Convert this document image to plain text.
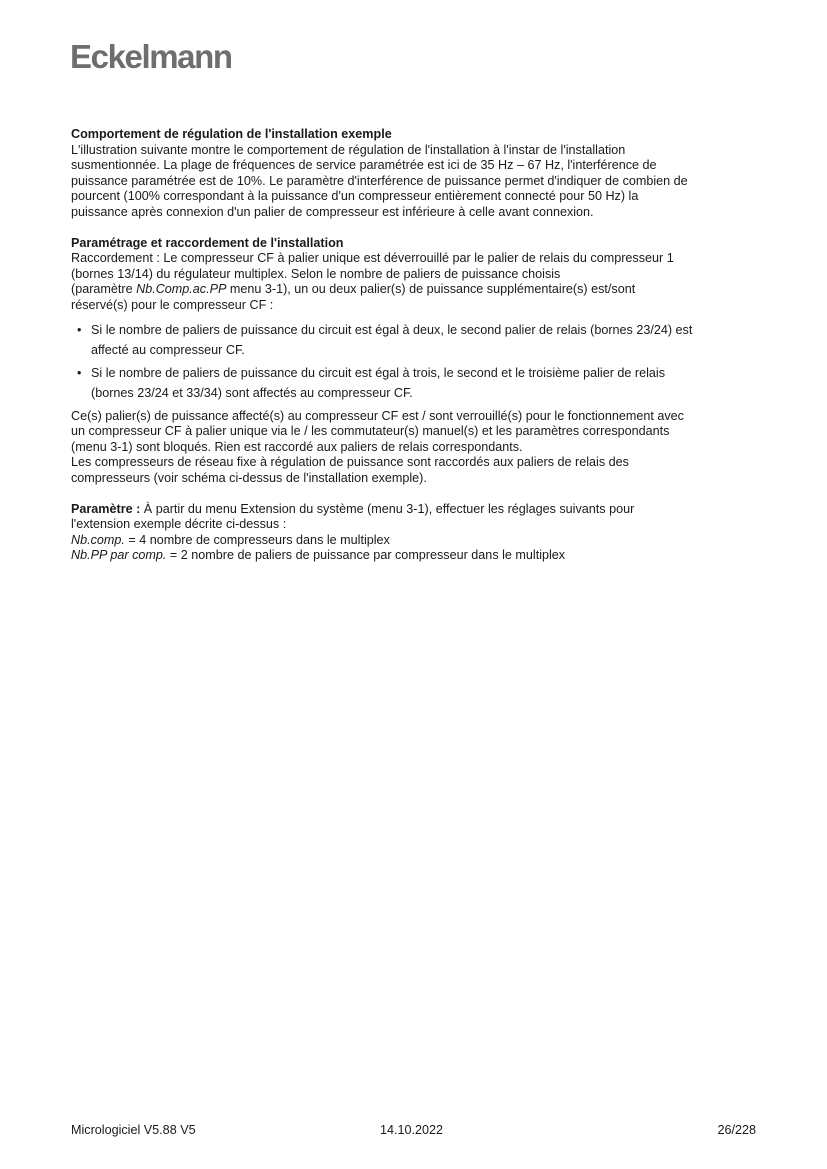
Eckelmann

Comportement de régulation de l'installation exemple

L'illustration suivante montre le comportement de régulation de l'installation à l'instar de l'installation

susmentionnée. La plage de fréquences de service paramétrée est ici de 35 Hz – 67 Hz, l'interférence de

puissance paramétrée est de 10%. Le paramètre d'interférence de puissance permet d'indiquer de combien de

pourcent (100% correspondant à la puissance d'un compresseur entièrement connecté pour 50 Hz) la

puissance après connexion d'un palier de compresseur est inférieure à celle avant connexion.

Paramétrage et raccordement de l'installation

Raccordement : Le compresseur CF à palier unique est déverrouillé par le palier de relais du compresseur 1

(bornes 13/14) du régulateur multiplex. Selon le nombre de paliers de puissance choisis

(paramètre Nb.Comp.ac.PP menu 3-1), un ou deux palier(s) de puissance supplémentaire(s) est/sont

réservé(s) pour le compresseur CF :

• Si le nombre de paliers de puissance du circuit est égal à deux, le second palier de relais (bornes 23/24) est
affecté au compresseur CF.
• Si le nombre de paliers de puissance du circuit est égal à trois, le second et le troisième palier de relais
(bornes 23/24 et 33/34) sont affectés au compresseur CF.

Ce(s) palier(s) de puissance affecté(s) au compresseur CF est / sont verrouillé(s) pour le fonctionnement avec

un compresseur CF à palier unique via le / les commutateur(s) manuel(s) et les paramètres correspondants

(menu 3-1) sont bloqués. Rien est raccordé aux paliers de relais correspondants.

Les compresseurs de réseau fixe à régulation de puissance sont raccordés aux paliers de relais des

compresseurs (voir schéma ci-dessus de l'installation exemple).

Paramètre : À partir du menu Extension du système (menu 3-1), effectuer les réglages suivants pour

l'extension exemple décrite ci-dessus :

Nb.comp. = 4 nombre de compresseurs dans le multiplex

Nb.PP par comp. = 2 nombre de paliers de puissance par compresseur dans le multiplex

Micrologiciel V5.88 V5	14.10.2022	26/228
